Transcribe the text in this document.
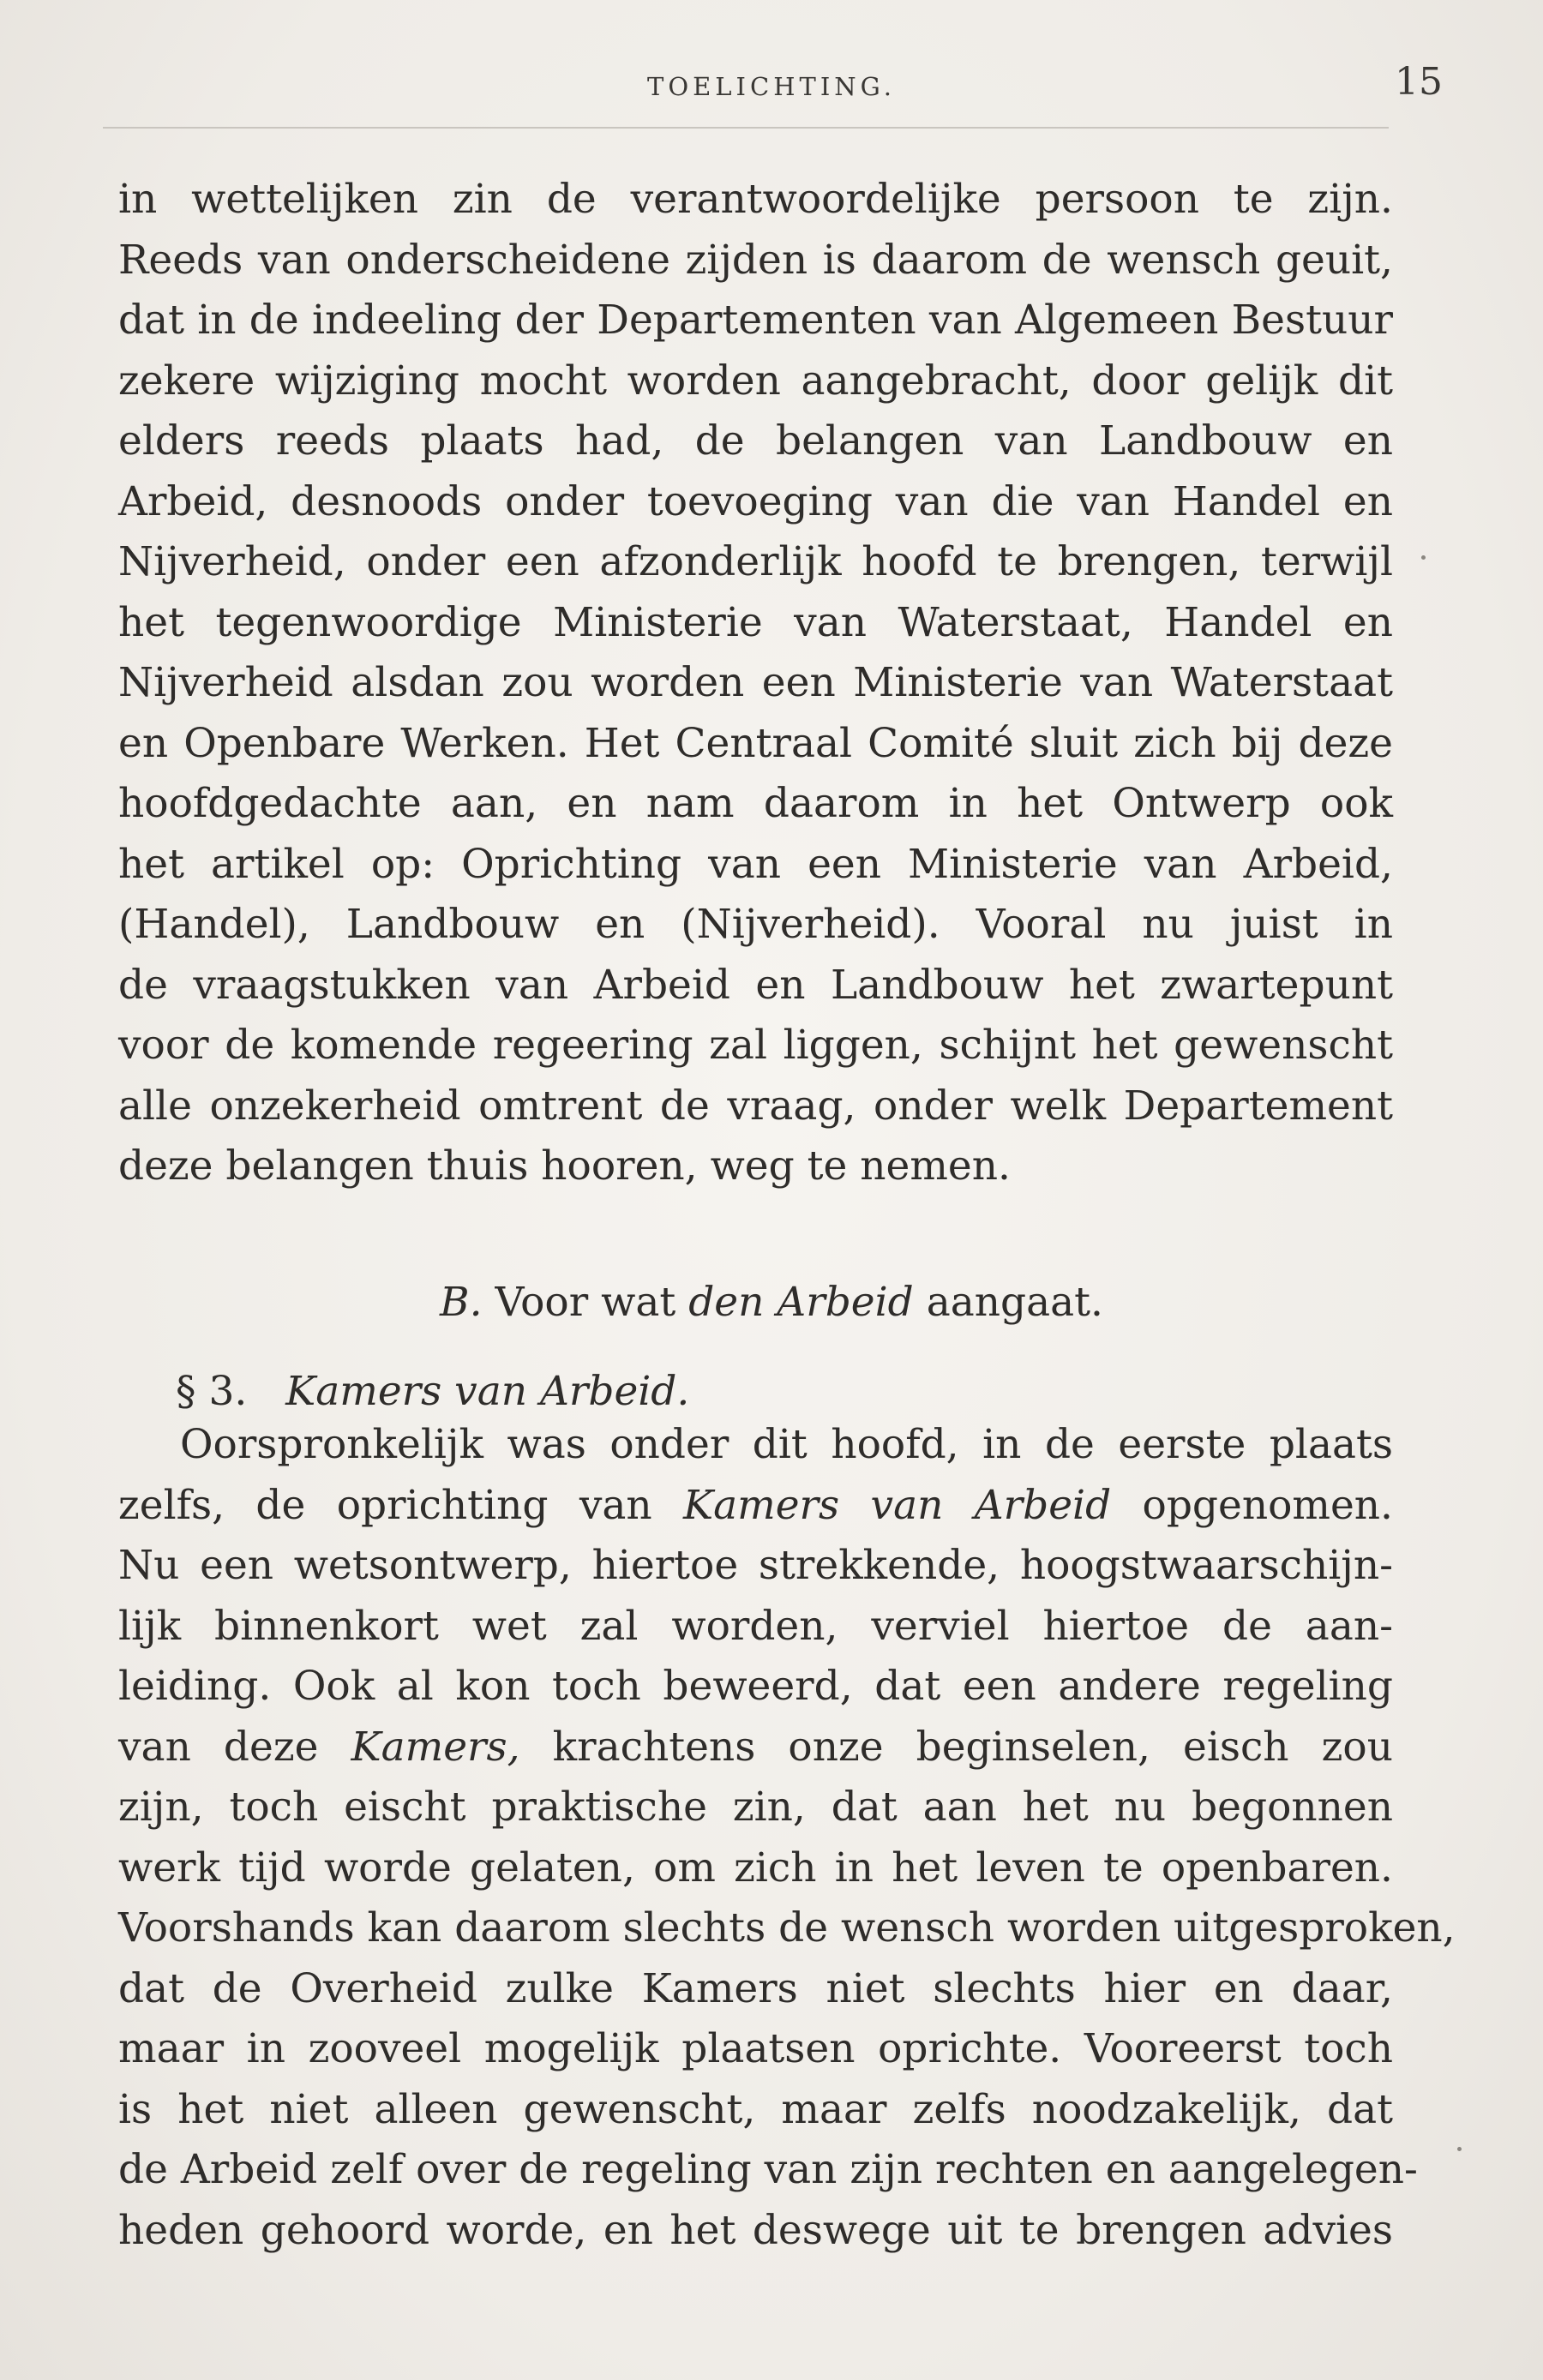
TOELICHTING.	15
in wettelijken zin de verantwoordelijke persoon te zijn.
Reeds van onderscheidene zijden is daarom de wensch geuit,
dat in de indeeling der Departementen van Algemeen Bestuur
zekere wijziging mocht worden aangebracht, door gelijk dit
elders reeds plaats had, de belangen van Landbouw en
Arbeid, desnoods onder toevoeging van die van Handel en
Nijverheid, onder een afzonderlijk hoofd te brengen, terwijl
het tegenwoordige Ministerie van Waterstaat, Handel en
Nijverheid alsdan zou worden een Ministerie van Waterstaat
en Openbare Werken. Het Centraal Comité sluit zich bij deze
hoofdgedachte aan, en nam daarom in het Ontwerp ook
het artikel op: Oprichting van een Ministerie van Arbeid,
(Handel), Landbouw en (Nijverheid). Vooral nu juist in
de vraagstukken van Arbeid en Landbouw het zwartepunt
voor de komende regeering zal liggen, schijnt het gewenscht
alle onzekerheid omtrent de vraag, onder welk Departement
deze belangen thuis hooren, weg te nemen.
B. Voor wat den Arbeid aangaat.
§ 3. Kamers van Arbeid.
Oorspronkelijk was onder dit hoofd, in de eerste plaats
zelfs, de oprichting van Kamers van Arbeid opgenomen.
Nu een wetsontwerp, hiertoe strekkende, hoogstwaarschijn-
lijk binnenkort wet zal worden, verviel hiertoe de aan-
leiding. Ook al kon toch beweerd, dat een andere regeling
van deze Kamers, krachtens onze beginselen, eisch zou
zijn, toch eischt praktische zin, dat aan het nu begonnen
werk tijd worde gelaten, om zich in het leven te openbaren.
Voorshands kan daarom slechts de wensch worden uitgesproken,
dat de Overheid zulke Kamers niet slechts hier en daar,
maar in zooveel mogelijk plaatsen oprichte. Vooreerst toch
is het niet alleen gewenscht, maar zelfs noodzakelijk, dat
de Arbeid zelf over de regeling van zijn rechten en aangelegen-
heden gehoord worde, en het deswege uit te brengen advies
